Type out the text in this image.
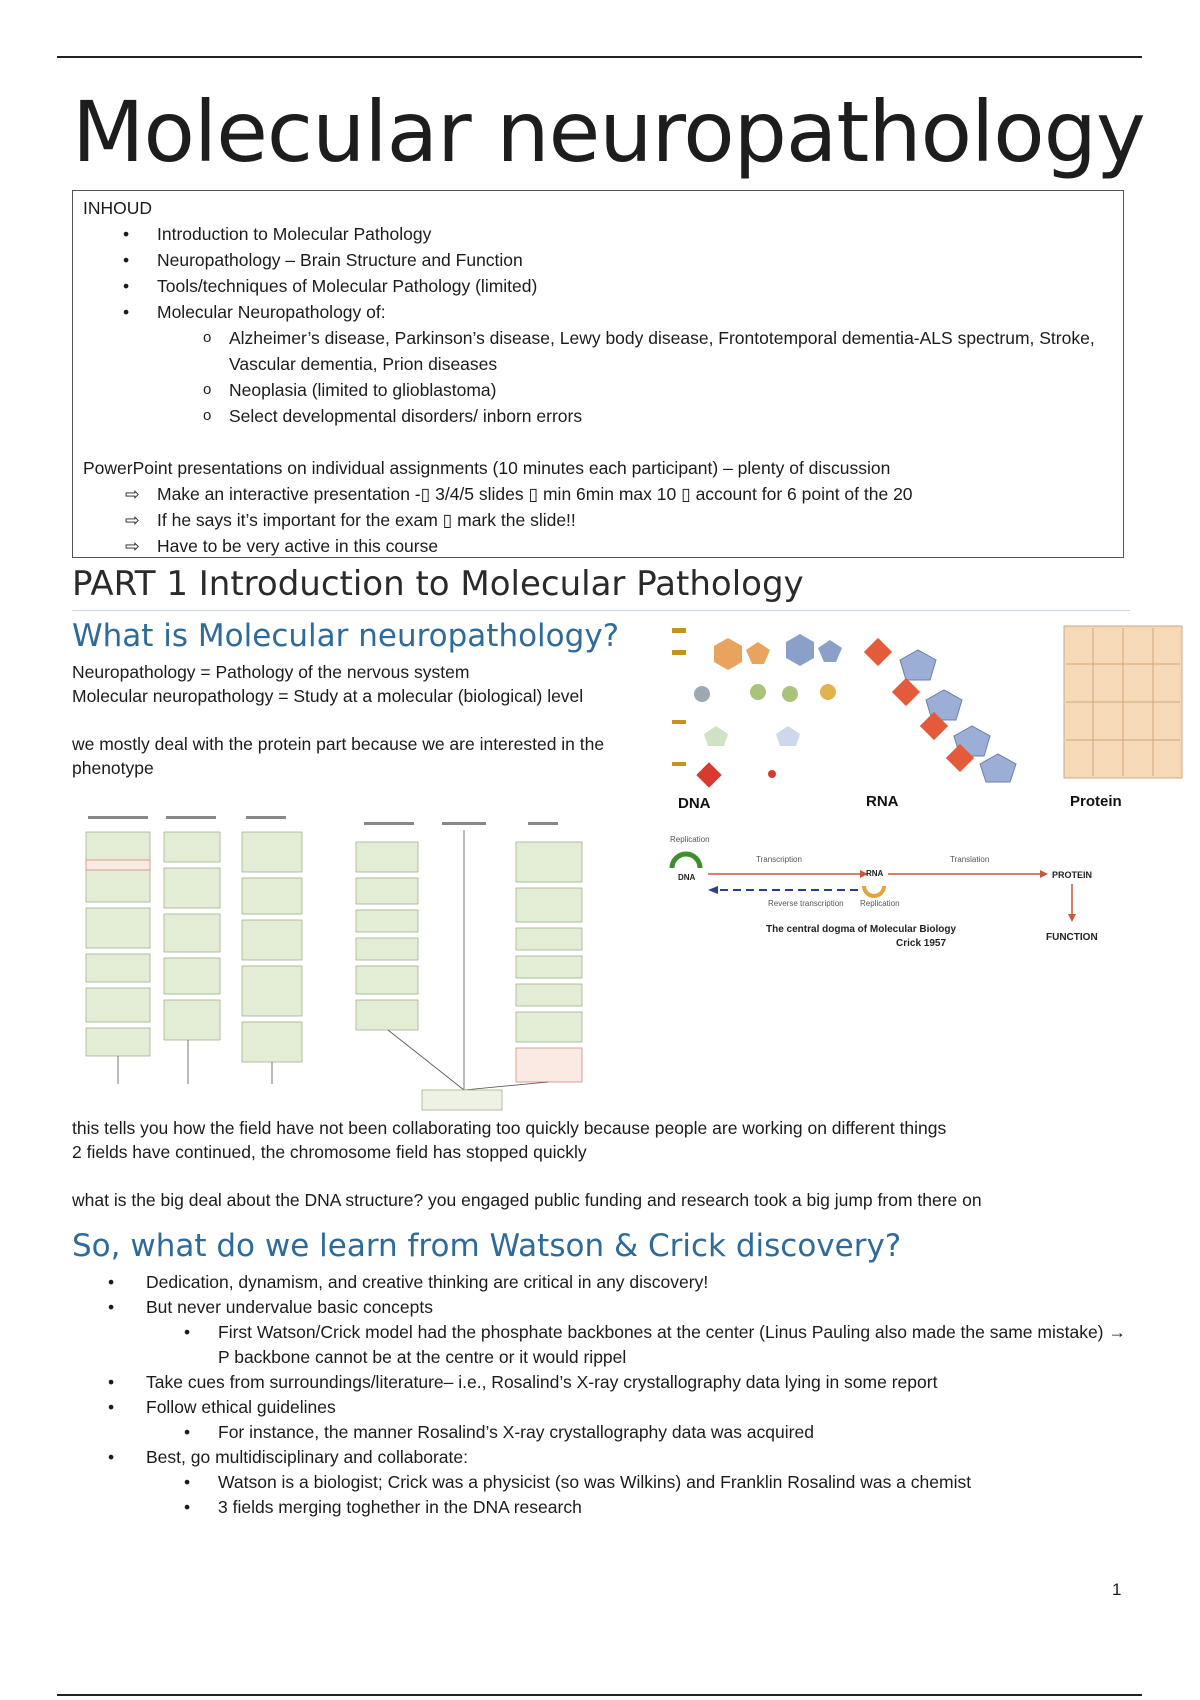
Molecular neuropathology
INHOUD
• Introduction to Molecular Pathology
• Neuropathology – Brain Structure and Function
• Tools/techniques of Molecular Pathology (limited)
• Molecular Neuropathology of:
o Alzheimer’s disease, Parkinson’s disease, Lewy body disease, Frontotemporal dementia-ALS spectrum, Stroke, Vascular dementia, Prion diseases
o Neoplasia (limited to glioblastoma)
o Select developmental disorders/ inborn errors
PowerPoint presentations on individual assignments (10 minutes each participant) – plenty of discussion
⇨ Make an interactive presentation -▯ 3/4/5 slides ▯ min 6min max 10 ▯ account for 6 point of the 20
⇨ If he says it’s important for the exam ▯ mark the slide!!
⇨ Have to be very active in this course
PART 1 Introduction to Molecular Pathology
What is Molecular neuropathology?

Neuropathology = Pathology of the nervous system

Molecular neuropathology = Study at a molecular (biological) level

we mostly deal with the protein part because we are interested in the phenotype

DNA	RNA	Protein
Replication
DNA
Transcription
RNA
Translation
PROTEIN
Reverse transcription Replication
The central dogma of Molecular Biology
Crick 1957
FUNCTION

this tells you how the field have not been collaborating too quickly because people are working on different things

2 fields have continued, the chromosome field has stopped quickly

what is the big deal about the DNA structure? you engaged public funding and research took a big jump from there on

So, what do we learn from Watson & Crick discovery?
• Dedication, dynamism, and creative thinking are critical in any discovery!
• But never undervalue basic concepts
• First Watson/Crick model had the phosphate backbones at the center (Linus Pauling also made the same mistake) → P backbone cannot be at the centre or it would rippel
• Take cues from surroundings/literature– i.e., Rosalind’s X-ray crystallography data lying in some report
• Follow ethical guidelines
• For instance, the manner Rosalind’s X-ray crystallography data was acquired
• Best, go multidisciplinary and collaborate:
• Watson is a biologist; Crick was a physicist (so was Wilkins) and Franklin Rosalind was a chemist
• 3 fields merging toghether in the DNA research
1
